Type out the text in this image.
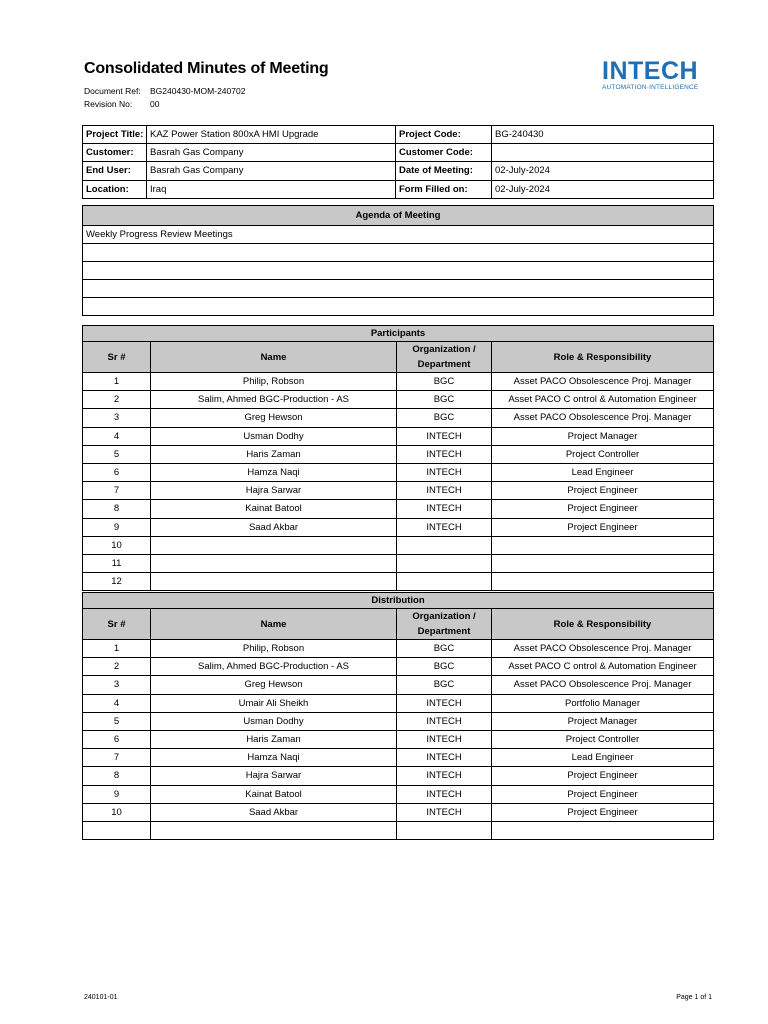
Consolidated Minutes of Meeting
Document Ref: BG240430-MOM-240702
Revision No: 00
INTECH
AUTOMATION·INTELLIGENCE
Project Title:	KAZ Power Station 800xA HMI Upgrade	Project Code:	BG-240430
Customer:	Basrah Gas Company	Customer Code:	
End User:	Basrah Gas Company	Date of Meeting:	02-July-2024
Location:	Iraq	Form Filled on:	02-July-2024
Agenda of Meeting
Weekly Progress Review Meetings

Participants			
Sr #	Name	Organization / Department	Role & Responsibility
1	Philip, Robson	BGC	Asset PACO Obsolescence Proj. Manager
2	Salim, Ahmed BGC-Production - AS	BGC	Asset PACO C ontrol & Automation Engineer
3	Greg Hewson	BGC	Asset PACO Obsolescence Proj. Manager
4	Usman Dodhy	INTECH	Project Manager
5	Haris Zaman	INTECH	Project Controller
6	Hamza Naqi	INTECH	Lead Engineer
7	Hajra Sarwar	INTECH	Project Engineer
8	Kainat Batool	INTECH	Project Engineer
9	Saad Akbar	INTECH	Project Engineer
10			
11			
12			
Distribution			
Sr #	Name	Organization / Department	Role & Responsibility
1	Philip, Robson	BGC	Asset PACO Obsolescence Proj. Manager
2	Salim, Ahmed BGC-Production - AS	BGC	Asset PACO C ontrol & Automation Engineer
3	Greg Hewson	BGC	Asset PACO Obsolescence Proj. Manager
4	Umair Ali Sheikh	INTECH	Portfolio Manager
5	Usman Dodhy	INTECH	Project Manager
6	Haris Zaman	INTECH	Project Controller
7	Hamza Naqi	INTECH	Lead Engineer
8	Hajra Sarwar	INTECH	Project Engineer
9	Kainat Batool	INTECH	Project Engineer
10	Saad Akbar	INTECH	Project Engineer

240101-01	Page 1 of 1
